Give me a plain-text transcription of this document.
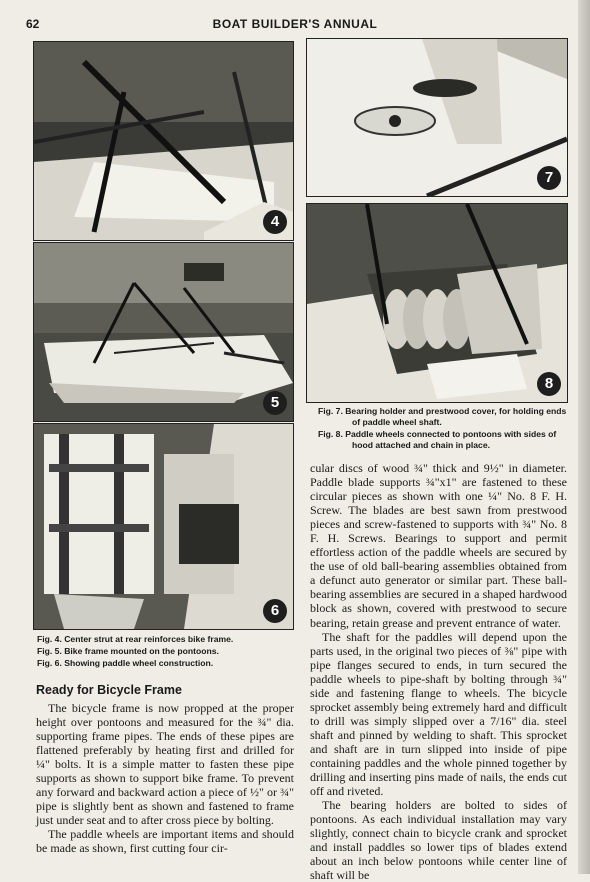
62	BOAT BUILDER'S ANNUAL
4
5
6
7
8
Fig. 7. Bearing holder and prestwood cover, for holding ends of paddle wheel shaft.
Fig. 8. Paddle wheels connected to pontoons with sides of hood attached and chain in place.
Fig. 4. Center strut at rear reinforces bike frame.
Fig. 5. Bike frame mounted on the pontoons.
Fig. 6. Showing paddle wheel construction.
Ready for Bicycle Frame

The bicycle frame is now propped at the proper height over pontoons and measured for the ¾" dia. supporting frame pipes. The ends of these pipes are flattened preferably by heating first and drilled for ¼" bolts. It is a simple matter to fasten these pipe supports as shown to support bike frame. To prevent any forward and backward action a piece of ½" or ¾" pipe is slightly bent as shown and fastened to frame just under seat and to after cross piece by bolting.

The paddle wheels are important items and should be made as shown, first cutting four cir-

cular discs of wood ¾" thick and 9½" in diameter. Paddle blade supports ¾"x1" are fastened to these circular pieces as shown with one ¼" No. 8 F. H. Screw. The blades are best sawn from prestwood pieces and screw-fastened to supports with ¾" No. 8 F. H. Screws. Bearings to support and permit effortless action of the paddle wheels are secured by the use of old ball-bearing assemblies obtained from a defunct auto generator or similar part. These ball-bearing assemblies are secured in a shaped hardwood block as shown, covered with prestwood to secure bearing, retain grease and prevent entrance of water.

The shaft for the paddles will depend upon the parts used, in the original two pieces of ⅜" pipe with pipe flanges secured to ends, in turn secured the paddle wheels to pipe-shaft by bolting through ¾" side and fastening flange to wheels. The bicycle sprocket assembly being extremely hard and difficult to drill was simply slipped over a 7/16" dia. steel shaft and pinned by welding to shaft. This sprocket and shaft are in turn slipped into inside of pipe containing paddles and the whole pinned together by drilling and inserting pins made of nails, the ends cut off and riveted.

The bearing holders are bolted to sides of pontoons. As each individual installation may vary slightly, connect chain to bicycle crank and sprocket and install paddles so lower tips of blades extend about an inch below pontoons while center line of shaft will be
